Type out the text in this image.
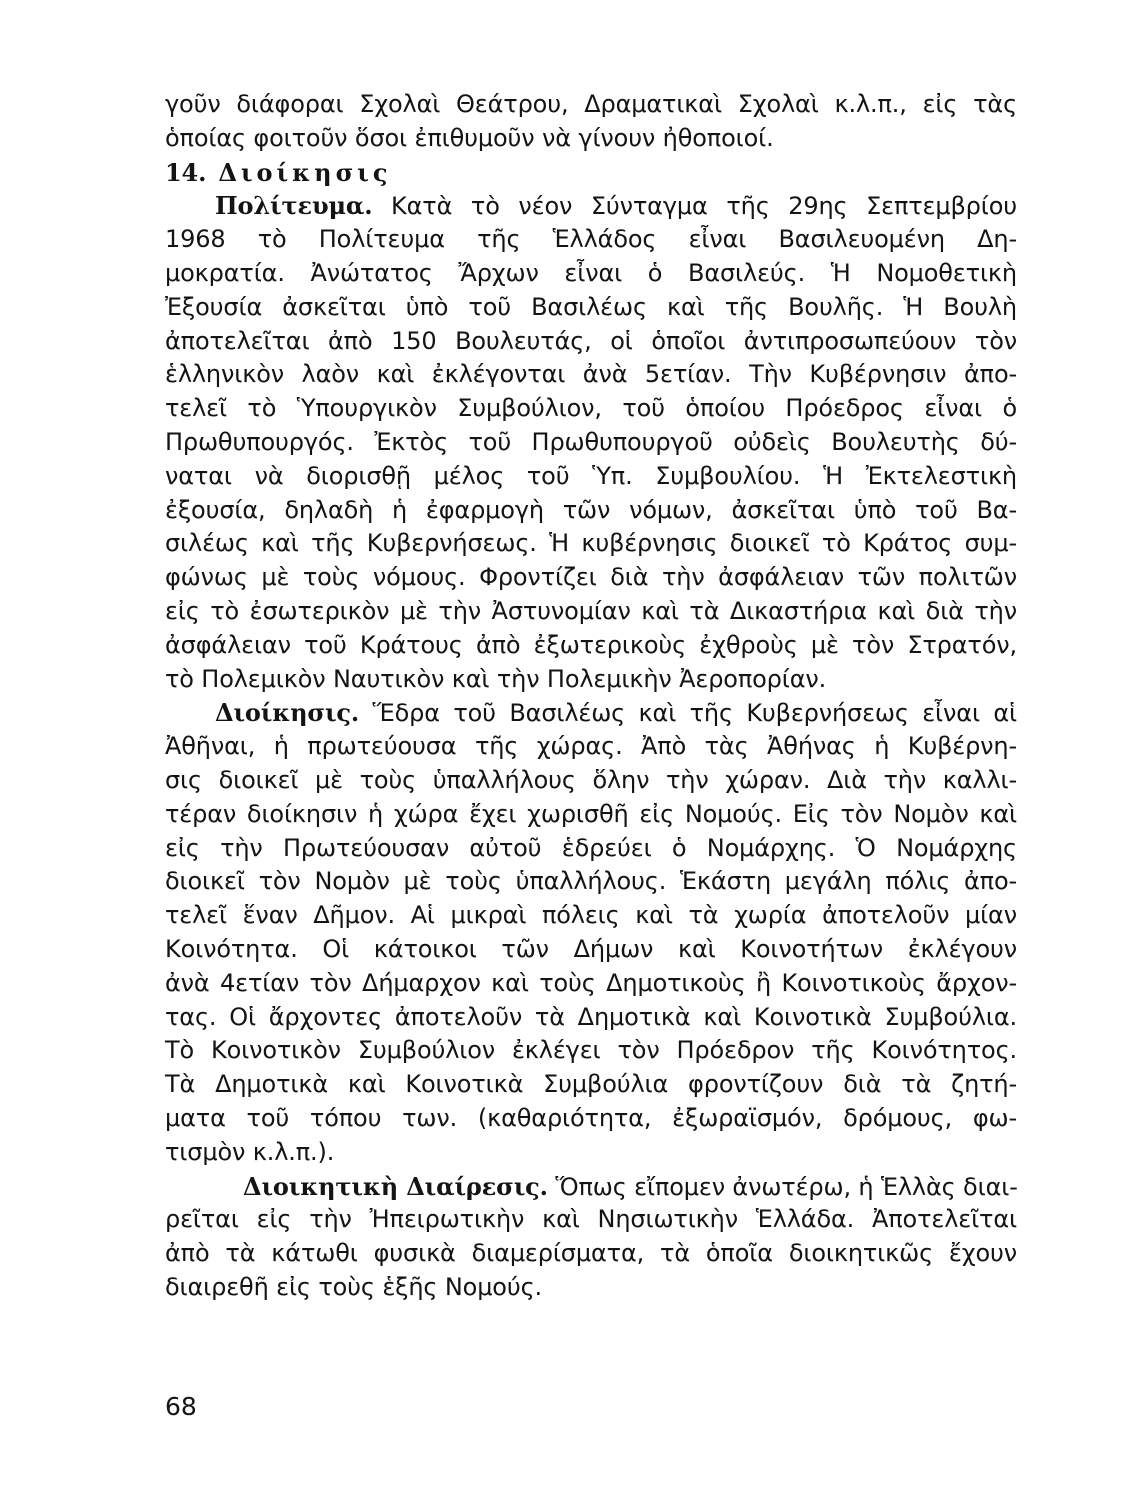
γοῦν διάφοραι Σχολαὶ Θεάτρου, Δραματικαὶ Σχολαὶ κ.λ.π., εἰς τὰς
ὁποίας φοιτοῦν ὅσοι ἐπιθυμοῦν νὰ γίνουν ἠθοποιοί.
14. Διοίκησις
Πολίτευμα. Κατὰ τὸ νέον Σύνταγμα τῆς 29ης Σεπτεμβρίου
1968 τὸ Πολίτευμα τῆς Ἑλλάδος εἶναι Βασιλευομένη Δη-
μοκρατία. Ἀνώτατος Ἄρχων εἶναι ὁ Βασιλεύς. Ἡ Νομοθετικὴ
Ἐξουσία ἀσκεῖται ὑπὸ τοῦ Βασιλέως καὶ τῆς Βουλῆς. Ἡ Βουλὴ
ἀποτελεῖται ἀπὸ 150 Βουλευτάς, οἱ ὁποῖοι ἀντιπροσωπεύουν τὸν
ἑλληνικὸν λαὸν καὶ ἐκλέγονται ἀνὰ 5ετίαν. Τὴν Κυβέρνησιν ἀπο-
τελεῖ τὸ Ὑπουργικὸν Συμβούλιον, τοῦ ὁποίου Πρόεδρος εἶναι ὁ
Πρωθυπουργός. Ἐκτὸς τοῦ Πρωθυπουργοῦ οὐδεὶς Βουλευτὴς δύ-
ναται νὰ διορισθῇ μέλος τοῦ Ὑπ. Συμβουλίου. Ἡ Ἐκτελεστικὴ
ἐξουσία, δηλαδὴ ἡ ἐφαρμογὴ τῶν νόμων, ἀσκεῖται ὑπὸ τοῦ Βα-
σιλέως καὶ τῆς Κυβερνήσεως. Ἡ κυβέρνησις διοικεῖ τὸ Κράτος συμ-
φώνως μὲ τοὺς νόμους. Φροντίζει διὰ τὴν ἀσφάλειαν τῶν πολιτῶν
εἰς τὸ ἐσωτερικὸν μὲ τὴν Ἀστυνομίαν καὶ τὰ Δικαστήρια καὶ διὰ τὴν
ἀσφάλειαν τοῦ Κράτους ἀπὸ ἐξωτερικοὺς ἐχθροὺς μὲ τὸν Στρατόν,
τὸ Πολεμικὸν Ναυτικὸν καὶ τὴν Πολεμικὴν Ἀεροπορίαν.
Διοίκησις. Ἕδρα τοῦ Βασιλέως καὶ τῆς Κυβερνήσεως εἶναι αἱ
Ἀθῆναι, ἡ πρωτεύουσα τῆς χώρας. Ἀπὸ τὰς Ἀθήνας ἡ Κυβέρνη-
σις διοικεῖ μὲ τοὺς ὑπαλλήλους ὅλην τὴν χώραν. Διὰ τὴν καλλι-
τέραν διοίκησιν ἡ χώρα ἔχει χωρισθῆ εἰς Νομούς. Εἰς τὸν Νομὸν καὶ
εἰς τὴν Πρωτεύουσαν αὐτοῦ ἑδρεύει ὁ Νομάρχης. Ὁ Νομάρχης
διοικεῖ τὸν Νομὸν μὲ τοὺς ὑπαλλήλους. Ἑκάστη μεγάλη πόλις ἀπο-
τελεῖ ἕναν Δῆμον. Αἱ μικραὶ πόλεις καὶ τὰ χωρία ἀποτελοῦν μίαν
Κοινότητα. Οἱ κάτοικοι τῶν Δήμων καὶ Κοινοτήτων ἐκλέγουν
ἀνὰ 4ετίαν τὸν Δήμαρχον καὶ τοὺς Δημοτικοὺς ἢ Κοινοτικοὺς ἄρχον-
τας. Οἱ ἄρχοντες ἀποτελοῦν τὰ Δημοτικὰ καὶ Κοινοτικὰ Συμβούλια.
Τὸ Κοινοτικὸν Συμβούλιον ἐκλέγει τὸν Πρόεδρον τῆς Κοινότητος.
Τὰ Δημοτικὰ καὶ Κοινοτικὰ Συμβούλια φροντίζουν διὰ τὰ ζητή-
ματα τοῦ τόπου των. (καθαριότητα, ἐξωραϊσμόν, δρόμους, φω-
τισμὸν κ.λ.π.).
Διοικητικὴ Διαίρεσις. Ὅπως εἴπομεν ἀνωτέρω, ἡ Ἑλλὰς διαι-
ρεῖται εἰς τὴν Ἠπειρωτικὴν καὶ Νησιωτικὴν Ἑλλάδα. Ἀποτελεῖται
ἀπὸ τὰ κάτωθι φυσικὰ διαμερίσματα, τὰ ὁποῖα διοικητικῶς ἔχουν
διαιρεθῆ εἰς τοὺς ἑξῆς Νομούς.
68
